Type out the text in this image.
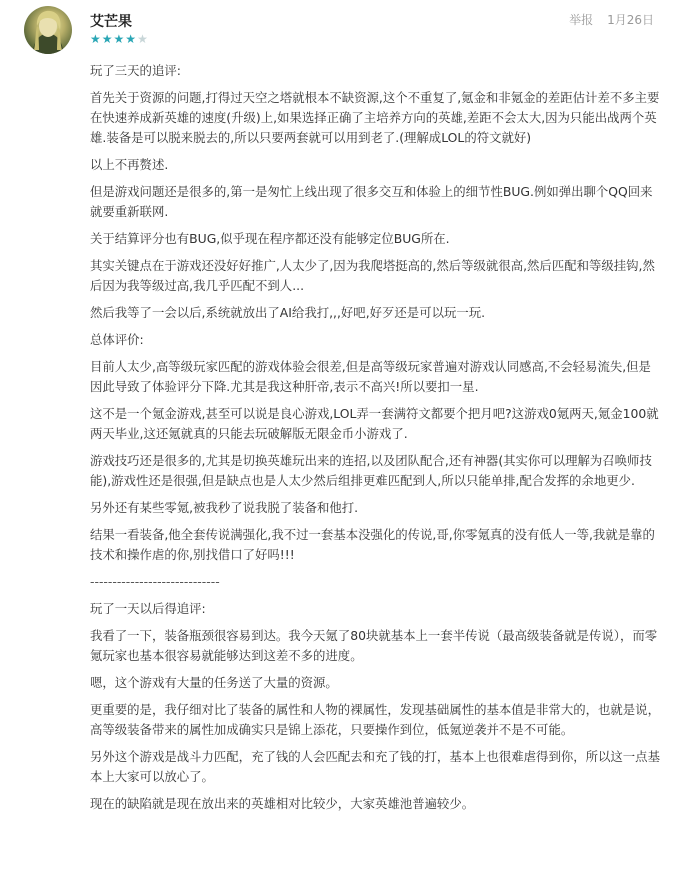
艾芒果
★★★★★
举报 1月26日

玩了三天的追评:

首先关于资源的问题,打得过天空之塔就根本不缺资源,这个不重复了,氪金和非氪金的差距估计差不多主要在快速养成新英雄的速度(升级)上,如果选择正确了主培养方向的英雄,差距不会太大,因为只能出战两个英雄.装备是可以脱来脱去的,所以只要两套就可以用到老了.(理解成LOL的符文就好)

以上不再赘述.

但是游戏问题还是很多的,第一是匆忙上线出现了很多交互和体验上的细节性BUG.例如弹出聊个QQ回来就要重新联网.

关于结算评分也有BUG,似乎现在程序都还没有能够定位BUG所在.

其实关键点在于游戏还没好好推广,人太少了,因为我爬塔挺高的,然后等级就很高,然后匹配和等级挂钩,然后因为我等级过高,我几乎匹配不到人...

然后我等了一会以后,系统就放出了AI给我打,,,好吧,好歹还是可以玩一玩.

总体评价:

目前人太少,高等级玩家匹配的游戏体验会很差,但是高等级玩家普遍对游戏认同感高,不会轻易流失,但是因此导致了体验评分下降.尤其是我这种肝帝,表示不高兴!所以要扣一星.

这不是一个氪金游戏,甚至可以说是良心游戏,LOL弄一套满符文都要个把月吧?这游戏0氪两天,氪金100就两天毕业,这还氪就真的只能去玩破解版无限金币小游戏了.

游戏技巧还是很多的,尤其是切换英雄玩出来的连招,以及团队配合,还有神器(其实你可以理解为召唤师技能),游戏性还是很强,但是缺点也是人太少然后组排更难匹配到人,所以只能单排,配合发挥的余地更少.

另外还有某些零氪,被我秒了说我脱了装备和他打.

结果一看装备,他全套传说满强化,我不过一套基本没强化的传说,哥,你零氪真的没有低人一等,我就是靠的技术和操作虐的你,别找借口了好吗!!!

-----------------------------

玩了一天以后得追评:

我看了一下，装备瓶颈很容易到达。我今天氪了80块就基本上一套半传说（最高级装备就是传说），而零氪玩家也基本很容易就能够达到这差不多的进度。

嗯，这个游戏有大量的任务送了大量的资源。

更重要的是，我仔细对比了装备的属性和人物的裸属性，发现基础属性的基本值是非常大的，也就是说，高等级装备带来的属性加成确实只是锦上添花，只要操作到位，低氪逆袭并不是不可能。

另外这个游戏是战斗力匹配，充了钱的人会匹配去和充了钱的打，基本上也很难虐得到你，所以这一点基本上大家可以放心了。

现在的缺陷就是现在放出来的英雄相对比较少，大家英雄池普遍较少。
